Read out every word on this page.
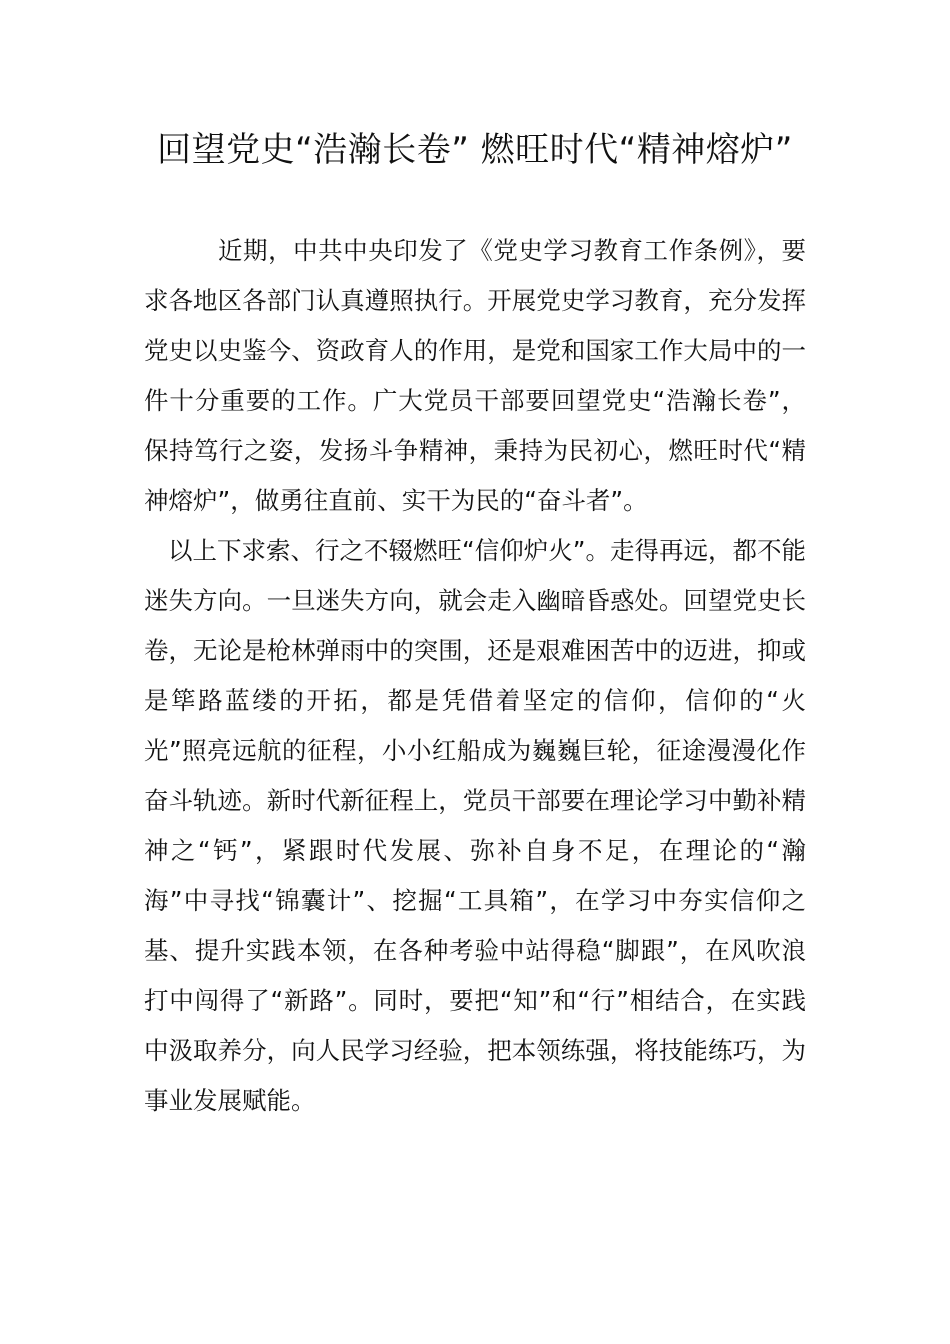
回望党史“浩瀚长卷” 燃旺时代“精神熔炉”

近期，中共中央印发了《党史学习教育工作条例》，要求各地区各部门认真遵照执行。开展党史学习教育，充分发挥党史以史鉴今、资政育人的作用，是党和国家工作大局中的一件十分重要的工作。广大党员干部要回望党史“浩瀚长卷”，保持笃行之姿，发扬斗争精神，秉持为民初心，燃旺时代“精神熔炉”，做勇往直前、实干为民的“奋斗者”。

以上下求索、行之不辍燃旺“信仰炉火”。走得再远，都不能迷失方向。一旦迷失方向，就会走入幽暗昏惑处。回望党史长卷，无论是枪林弹雨中的突围，还是艰难困苦中的迈进，抑或是筚路蓝缕的开拓，都是凭借着坚定的信仰，信仰的“火光”照亮远航的征程，小小红船成为巍巍巨轮，征途漫漫化作奋斗轨迹。新时代新征程上，党员干部要在理论学习中勤补精神之“钙”，紧跟时代发展、弥补自身不足，在理论的“瀚海”中寻找“锦囊计”、挖掘“工具箱”，在学习中夯实信仰之基、提升实践本领，在各种考验中站得稳“脚跟”，在风吹浪打中闯得了“新路”。同时，要把“知”和“行”相结合，在实践中汲取养分，向人民学习经验，把本领练强，将技能练巧，为事业发展赋能。
